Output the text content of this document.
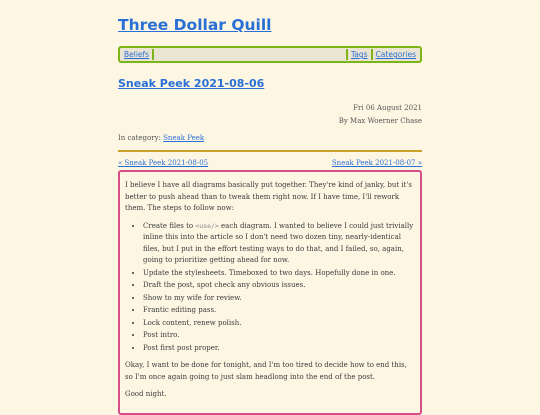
Three Dollar Quill
Beliefs	Tags Categories
Sneak Peek 2021-08-06
Fri 06 August 2021
By Max Woerner Chase
In category: Sneak Peek
« Sneak Peek 2021-08-05	Sneak Peek 2021-08-07 »

I believe I have all diagrams basically put together. They're kind of janky, but it's better to push ahead than to tweak them right now. If I have time, I'll rework them. The steps to follow now:

• Create files to <use/> each diagram. I wanted to believe I could just trivially inline this into the article so I don't need two dozen tiny, nearly-identical files, but I put in the effort testing ways to do that, and I failed, so, again, going to prioritize getting ahead for now.
• Update the stylesheets. Timeboxed to two days. Hopefully done in one.
• Draft the post, spot check any obvious issues.
• Show to my wife for review.
• Frantic editing pass.
• Lock content, renew polish.
• Post intro.
• Post first post proper.

Okay, I want to be done for tonight, and I'm too tired to decide how to end this, so I'm once again going to just slam headlong into the end of the post.

Good night.
